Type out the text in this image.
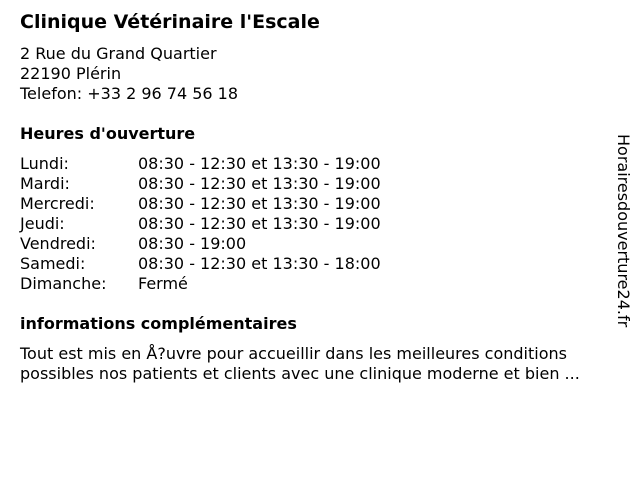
Clinique Vétérinaire l'Escale
2 Rue du Grand Quartier
22190 Plérin
Telefon: +33 2 96 74 56 18
Heures d'ouverture
Lundi:	08:30 - 12:30 et 13:30 - 19:00
Mardi:	08:30 - 12:30 et 13:30 - 19:00
Mercredi:	08:30 - 12:30 et 13:30 - 19:00
Jeudi:	08:30 - 12:30 et 13:30 - 19:00
Vendredi:	08:30 - 19:00
Samedi:	08:30 - 12:30 et 13:30 - 18:00
Dimanche: Fermé
informations complémentaires
Tout est mis en Å?uvre pour accueillir dans les meilleures conditions
possibles nos patients et clients avec une clinique moderne et bien ...
Horairesdouverture24.fr
